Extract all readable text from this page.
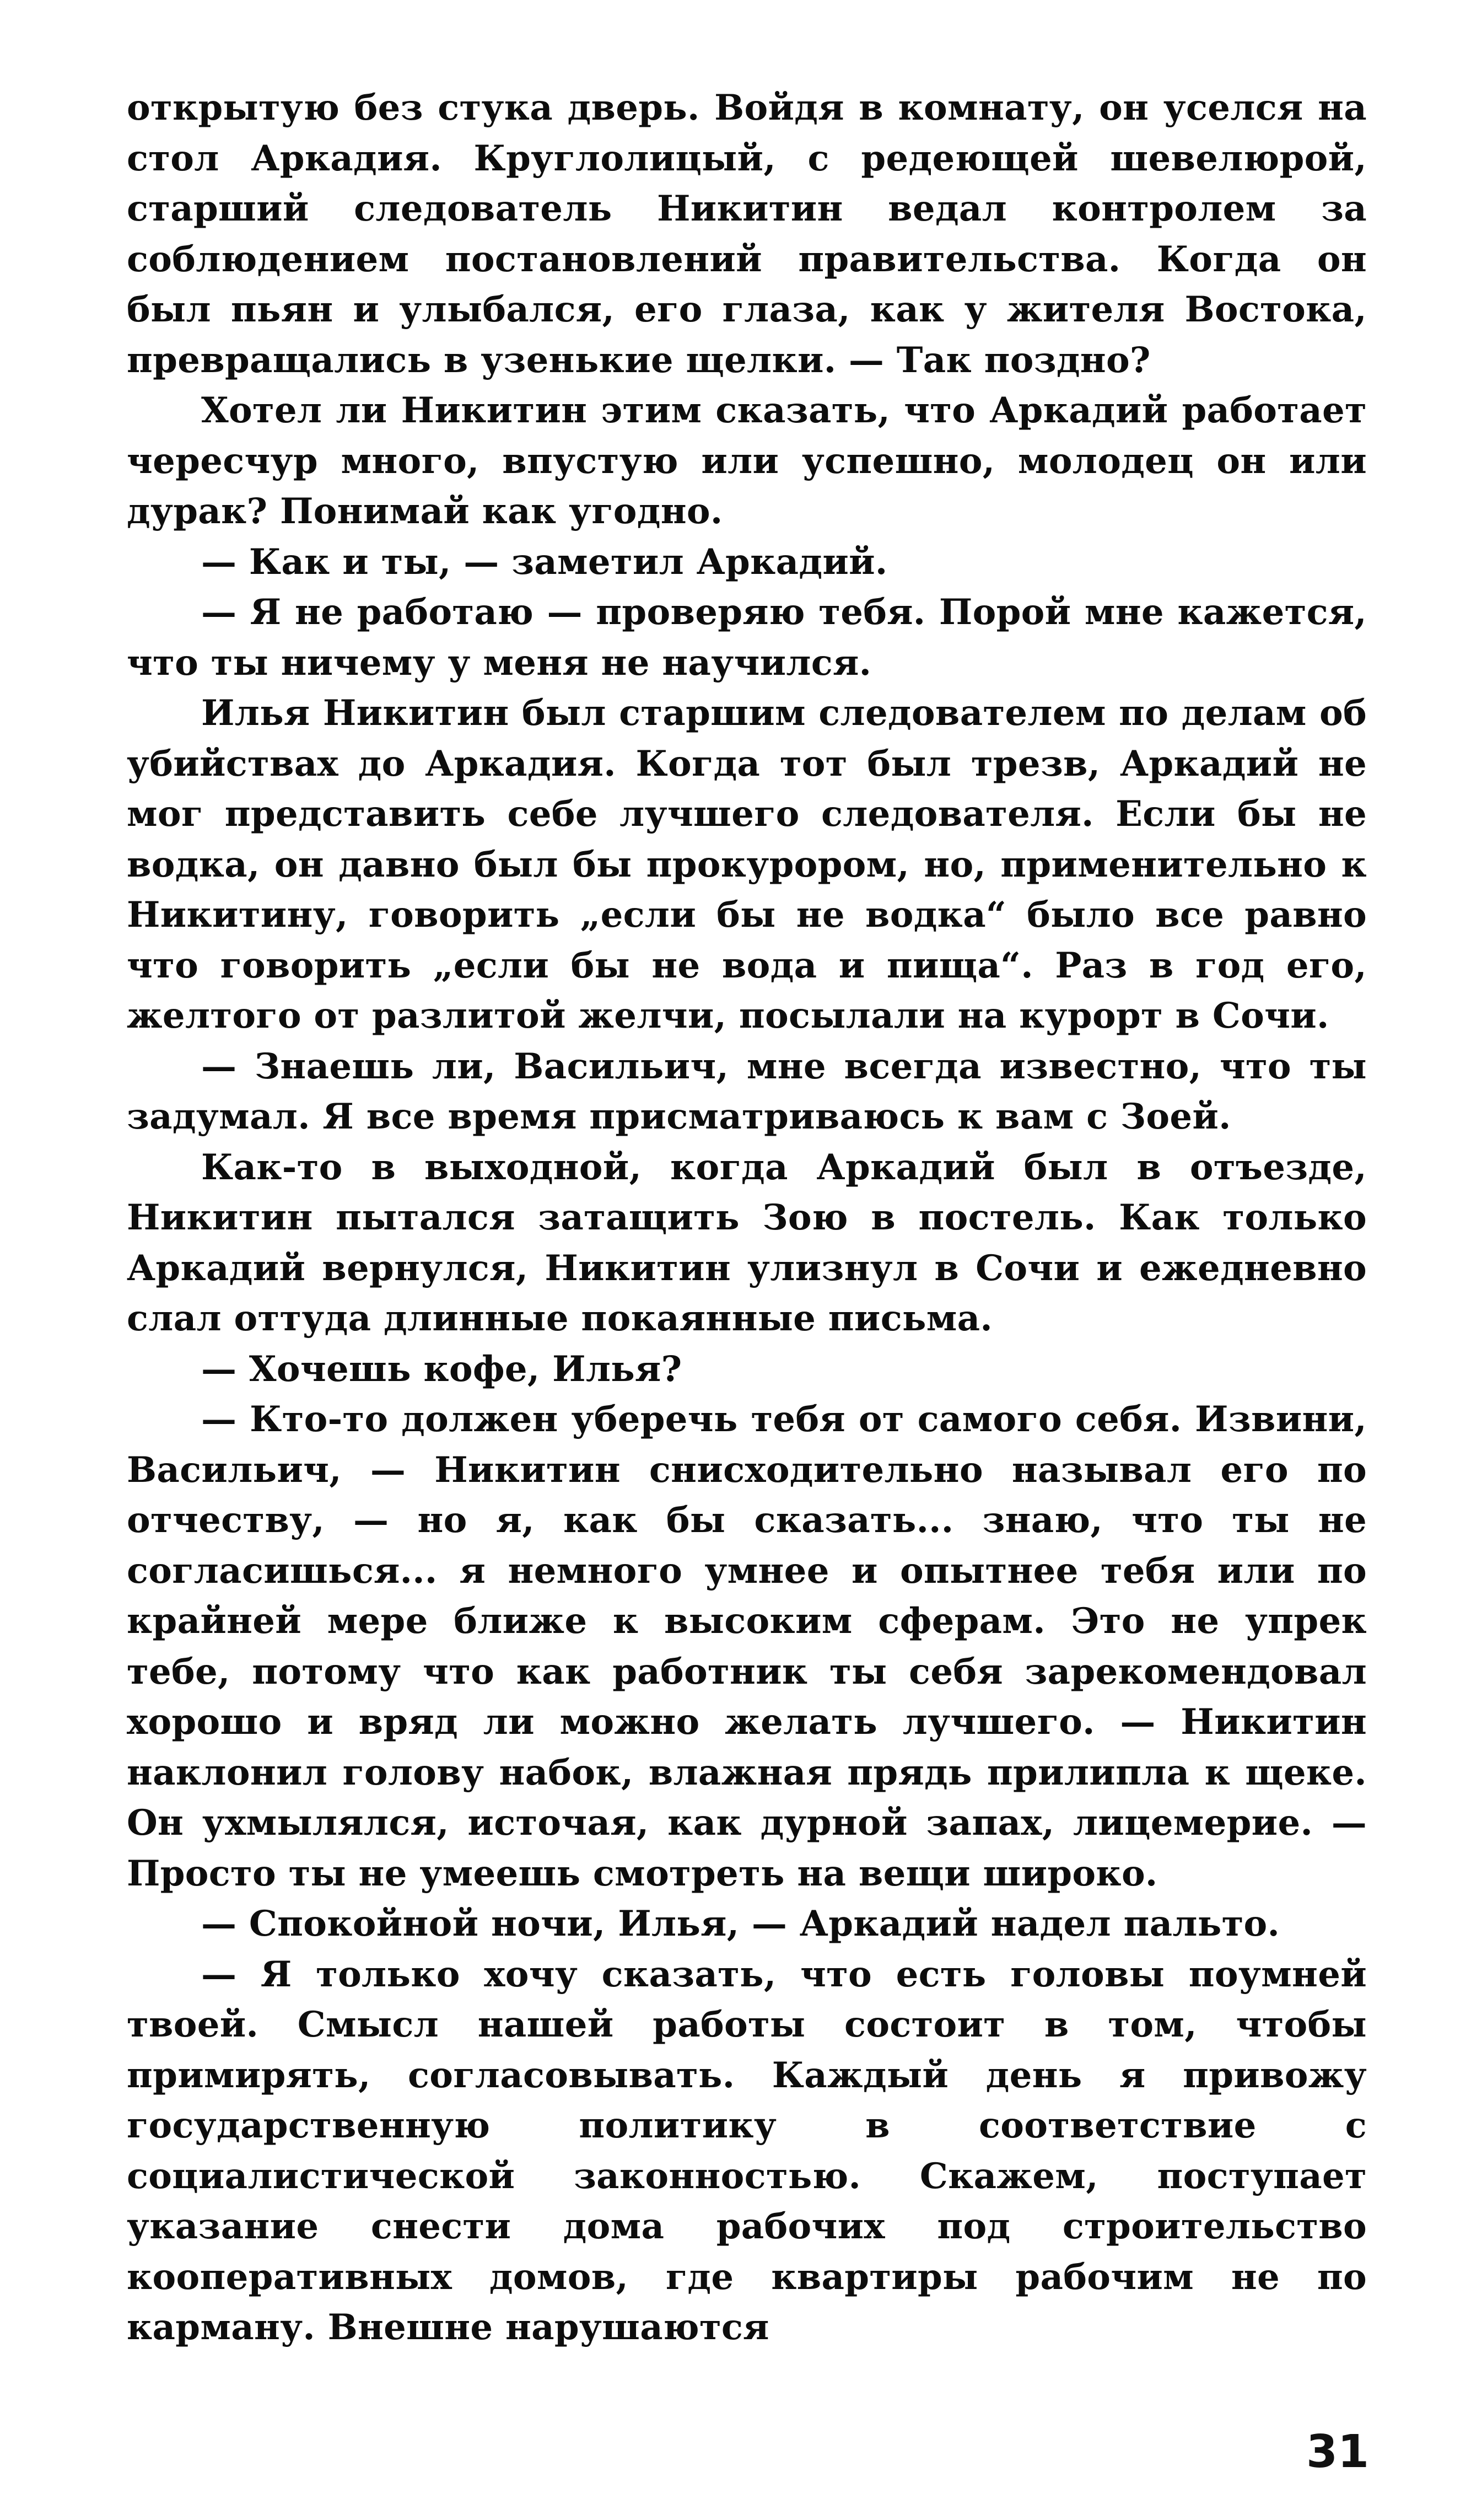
открытую без стука дверь. Войдя в комнату, он уселся на стол Аркадия. Круглолицый, с редеющей шевелюрой, старший следователь Никитин ведал контролем за соблюдением постановлений правительства. Когда он был пьян и улыбался, его глаза, как у жителя Востока, превращались в узенькие щелки. — Так поздно?

Хотел ли Никитин этим сказать, что Аркадий работает чересчур много, впустую или успешно, молодец он или дурак? Понимай как угодно.

— Как и ты, — заметил Аркадий.

— Я не работаю — проверяю тебя. Порой мне кажется, что ты ничему у меня не научился.

Илья Никитин был старшим следователем по делам об убийствах до Аркадия. Когда тот был трезв, Аркадий не мог представить себе лучшего следователя. Если бы не водка, он давно был бы прокурором, но, применительно к Никитину, говорить „если бы не водка“ было все равно что говорить „если бы не вода и пища“. Раз в год его, желтого от разлитой желчи, посылали на курорт в Сочи.

— Знаешь ли, Васильич, мне всегда известно, что ты задумал. Я все время присматриваюсь к вам с Зоей.

Как-то в выходной, когда Аркадий был в отъезде, Никитин пытался затащить Зою в постель. Как только Аркадий вернулся, Никитин улизнул в Сочи и ежедневно слал оттуда длинные покаянные письма.

— Хочешь кофе, Илья?

— Кто-то должен уберечь тебя от самого себя. Извини, Васильич, — Никитин снисходительно называл его по отчеству, — но я, как бы сказать... знаю, что ты не согласишься... я немного умнее и опытнее тебя или по крайней мере ближе к высоким сферам. Это не упрек тебе, потому что как работник ты себя зарекомендовал хорошо и вряд ли можно желать лучшего. — Никитин наклонил голову набок, влажная прядь прилипла к щеке. Он ухмылялся, источая, как дурной запах, лицемерие. — Просто ты не умеешь смотреть на вещи широко.

— Спокойной ночи, Илья, — Аркадий надел пальто.

— Я только хочу сказать, что есть головы поумней твоей. Смысл нашей работы состоит в том, чтобы примирять, согласовывать. Каждый день я привожу государственную политику в соответствие с социалистической законностью. Скажем, поступает указание снести дома рабочих под строительство кооперативных домов, где квартиры рабочим не по карману. Внешне нарушаются

31
